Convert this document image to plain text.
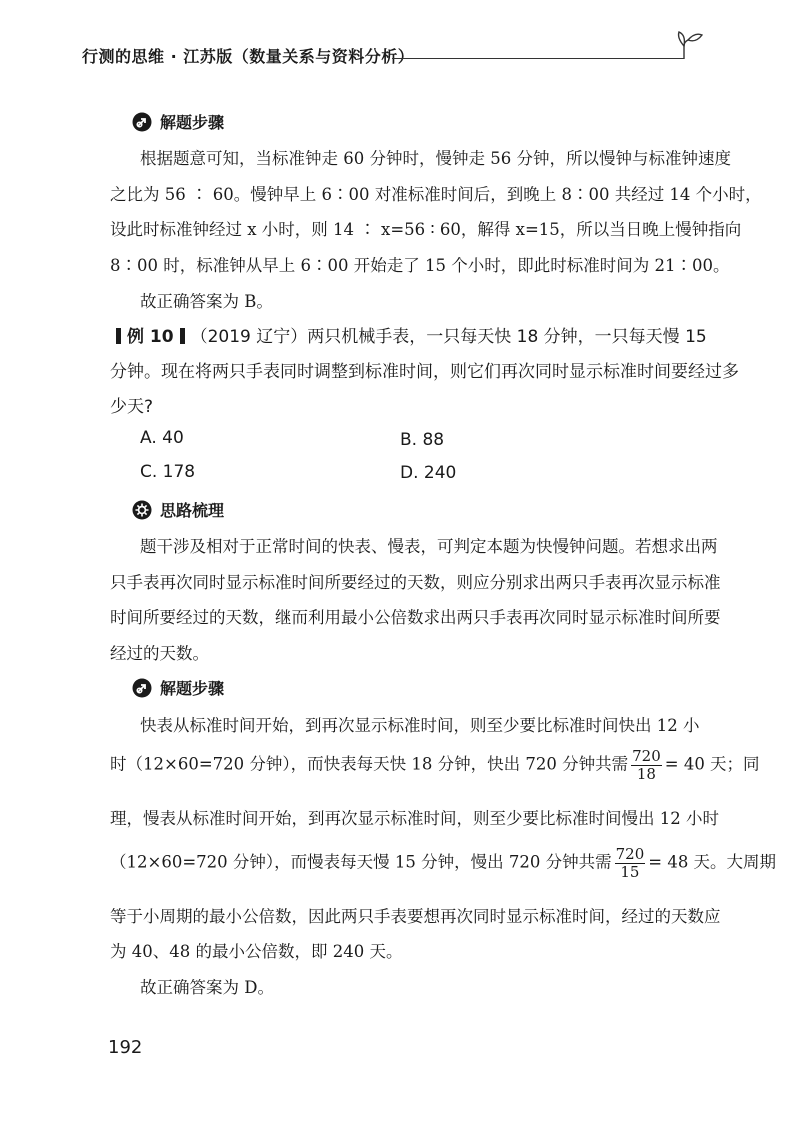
行测的思维 · 江苏版（数量关系与资料分析）
解题步骤
根据题意可知，当标准钟走 60 分钟时，慢钟走 56 分钟，所以慢钟与标准钟速度
之比为 56 ∶ 60。慢钟早上 6∶00 对准标准时间后，到晚上 8∶00 共经过 14 个小时，
设此时标准钟经过 x 小时，则 14 ∶ x=56 ∶ 60，解得 x=15，所以当日晚上慢钟指向
8∶00 时，标准钟从早上 6∶00 开始走了 15 个小时，即此时标准时间为 21∶00。
故正确答案为 B。
例 10 （2019 辽宁）两只机械手表，一只每天快 18 分钟，一只每天慢 15
分钟。现在将两只手表同时调整到标准时间，则它们再次同时显示标准时间要经过多
少天?
A. 40	B. 88
C. 178	D. 240
思路梳理
题干涉及相对于正常时间的快表、慢表，可判定本题为快慢钟问题。若想求出两
只手表再次同时显示标准时间所要经过的天数，则应分别求出两只手表再次显示标准
时间所要经过的天数，继而利用最小公倍数求出两只手表再次同时显示标准时间所要
经过的天数。
解题步骤
快表从标准时间开始，到再次显示标准时间，则至少要比标准时间快出 12 小
时（12×60=720 分钟），而快表每天快 18 分钟，快出 720 分钟共需 $\frac{720}{18} = 40$ 天；同
理，慢表从标准时间开始，到再次显示标准时间，则至少要比标准时间慢出 12 小时
（12×60=720 分钟），而慢表每天慢 15 分钟，慢出 720 分钟共需 $\frac{720}{15} = 48$ 天。大周期
等于小周期的最小公倍数，因此两只手表要想再次同时显示标准时间，经过的天数应
为 40、48 的最小公倍数，即 240 天。
故正确答案为 D。
192
